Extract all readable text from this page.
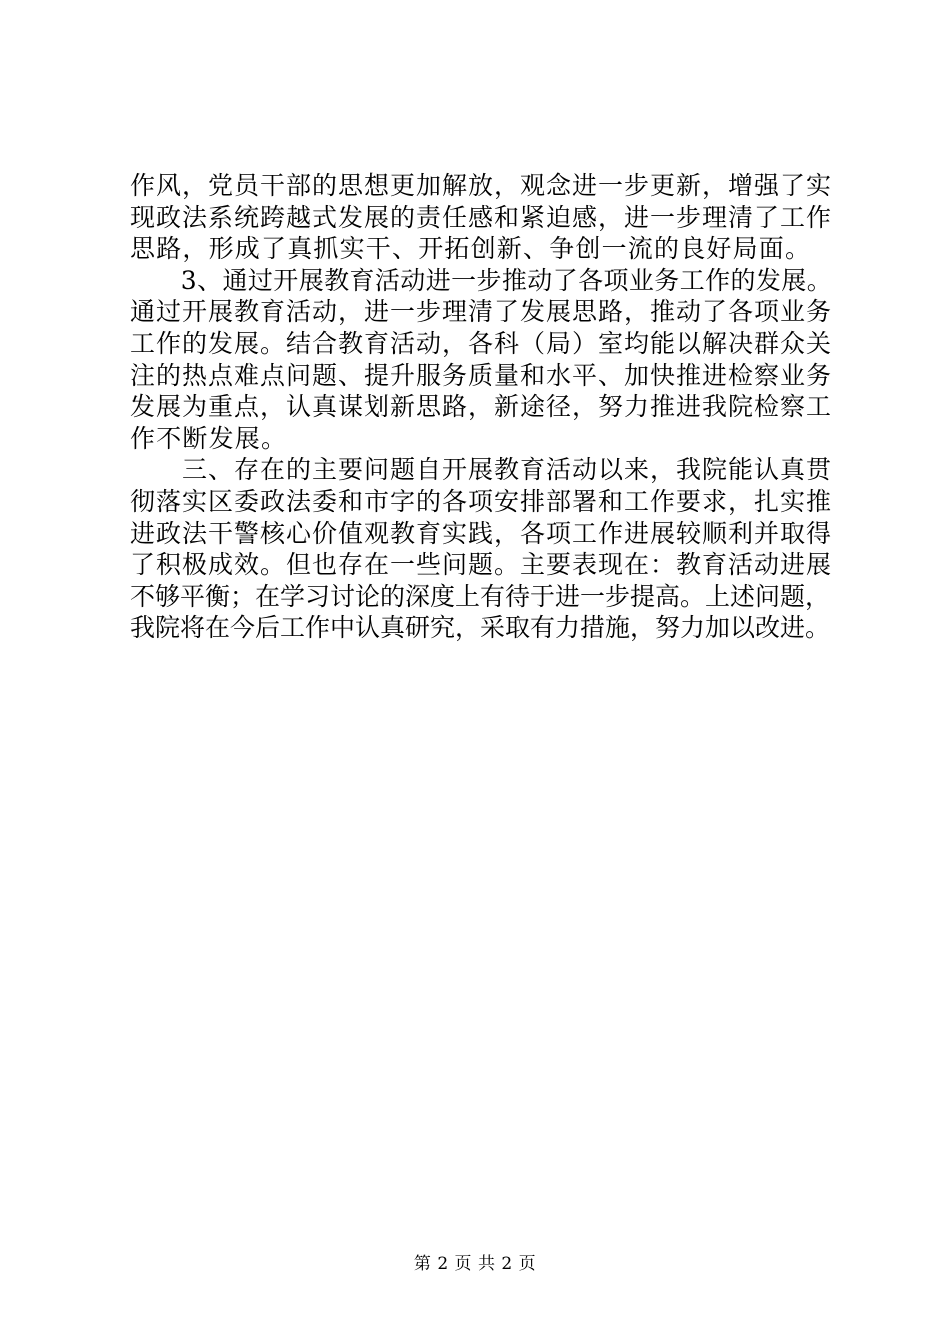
作风，党员干部的思想更加解放，观念进一步更新，增强了实
现政法系统跨越式发展的责任感和紧迫感，进一步理清了工作
思路，形成了真抓实干、开拓创新、争创一流的良好局面。
　　3、通过开展教育活动进一步推动了各项业务工作的发展。
通过开展教育活动，进一步理清了发展思路，推动了各项业务
工作的发展。结合教育活动，各科（局）室均能以解决群众关
注的热点难点问题、提升服务质量和水平、加快推进检察业务
发展为重点，认真谋划新思路，新途径，努力推进我院检察工
作不断发展。
　　三、存在的主要问题自开展教育活动以来，我院能认真贯
彻落实区委政法委和市字的各项安排部署和工作要求，扎实推
进政法干警核心价值观教育实践，各项工作进展较顺利并取得
了积极成效。但也存在一些问题。主要表现在：教育活动进展
不够平衡；在学习讨论的深度上有待于进一步提高。上述问题，
我院将在今后工作中认真研究，采取有力措施，努力加以改进。
第 2 页 共 2 页
